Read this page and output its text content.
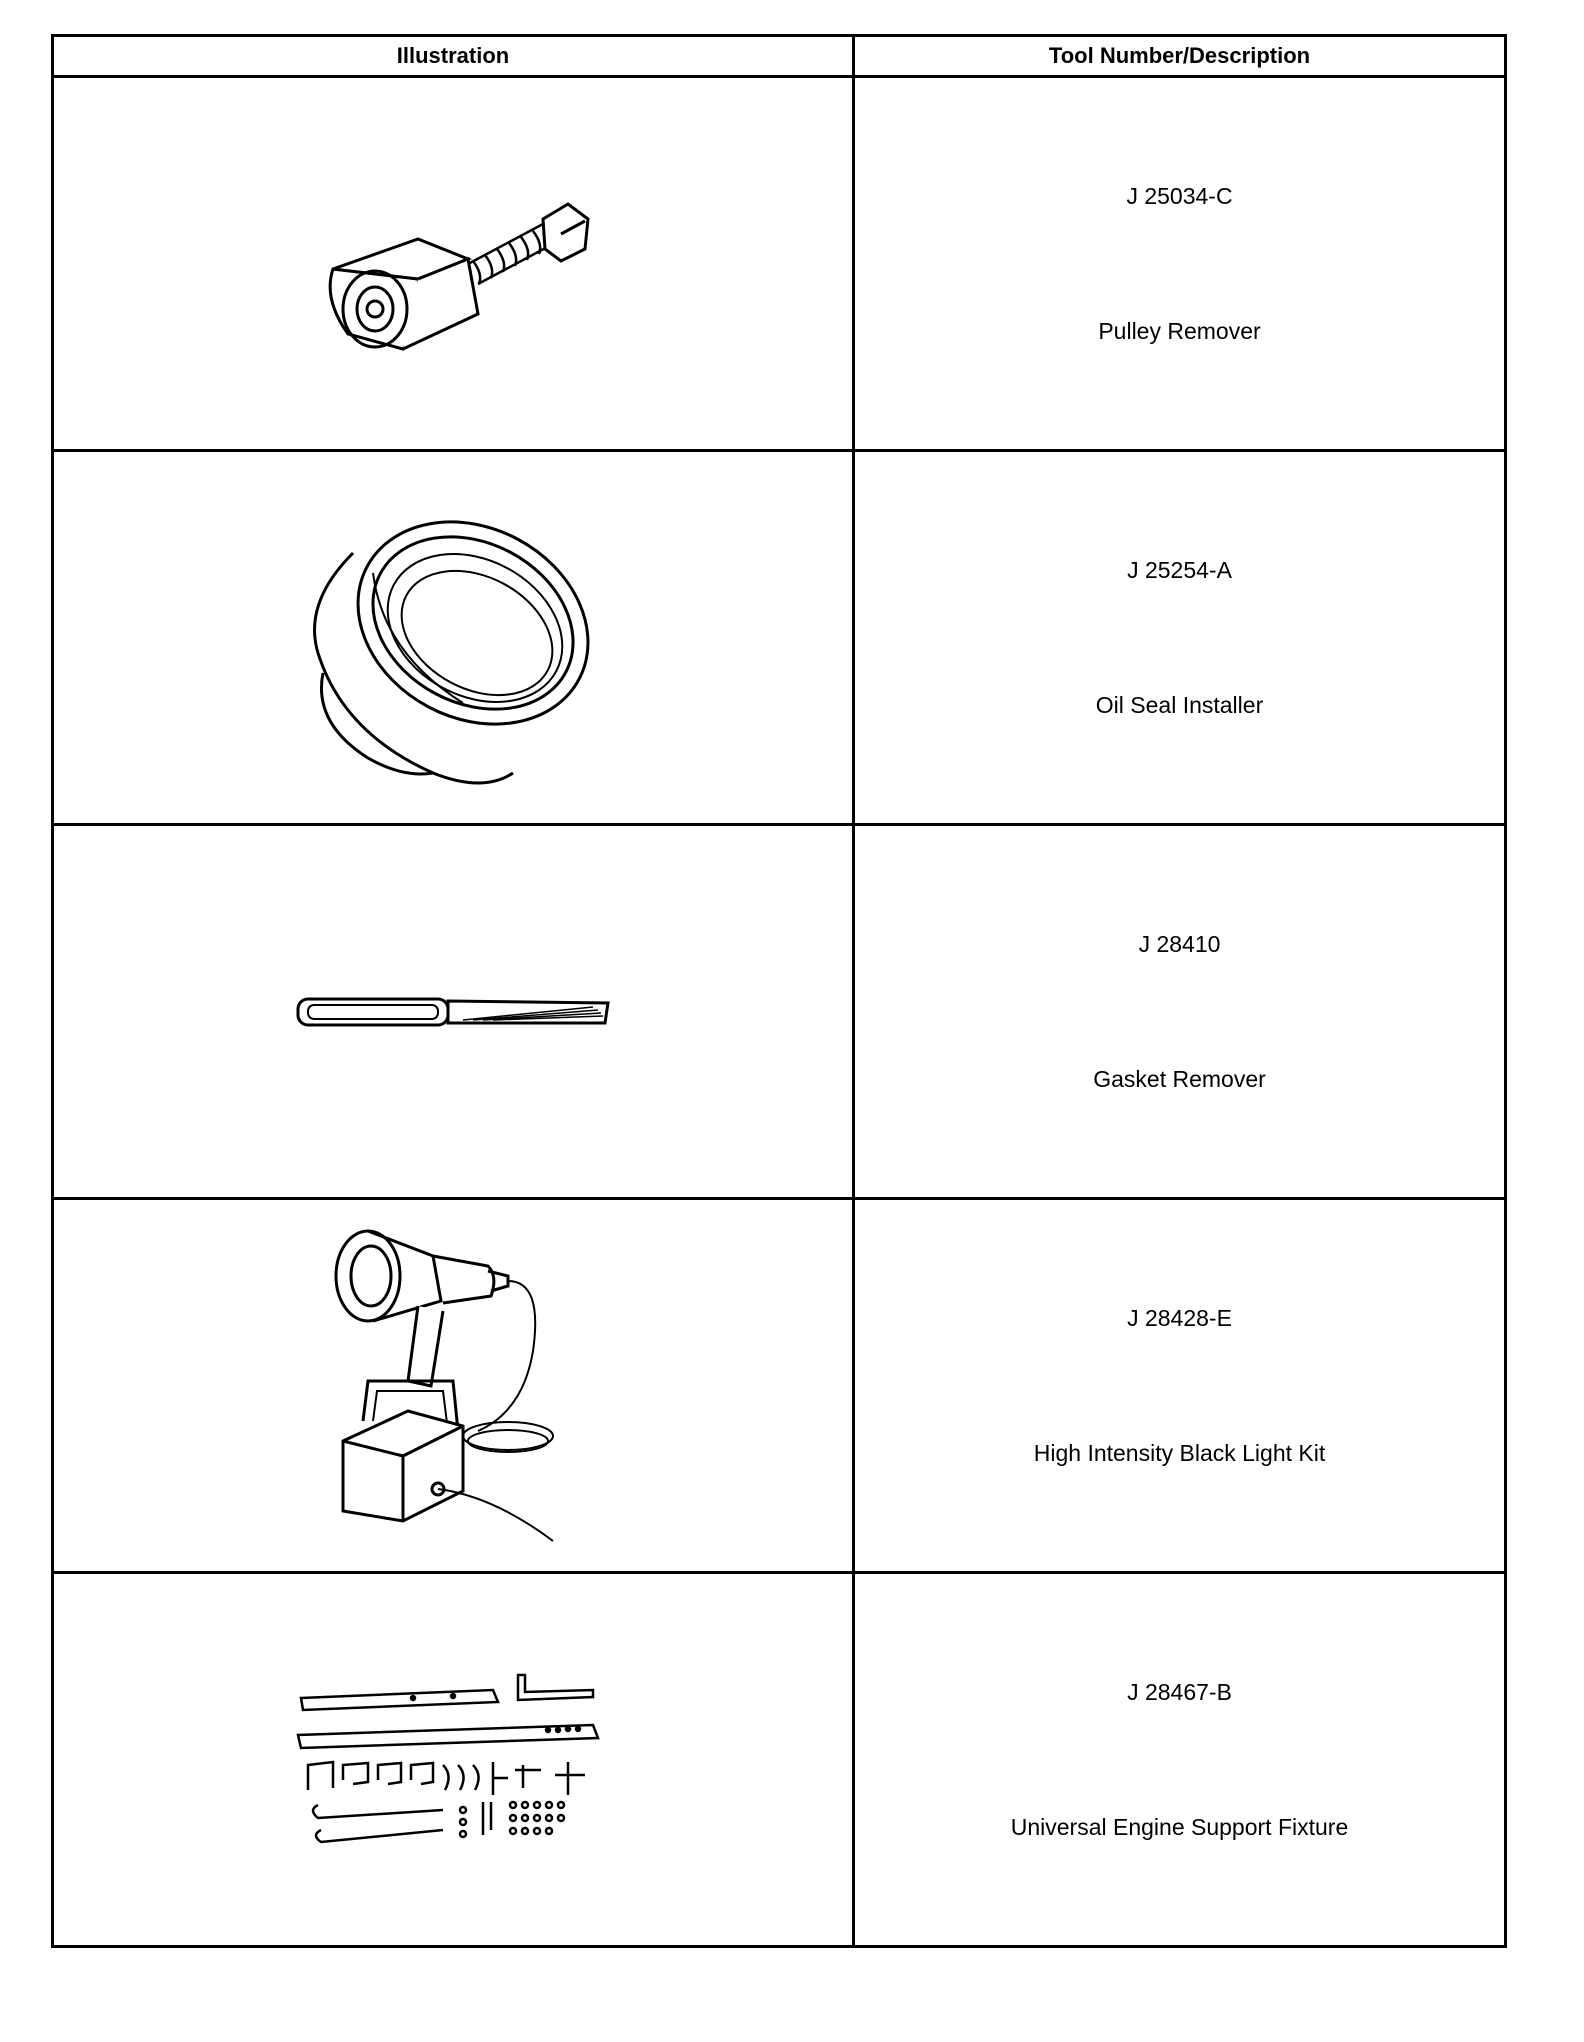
Illustration	Tool Number/Description

J 25034-C
Pulley Remover

J 25254-A
Oil Seal Installer

J 28410
Gasket Remover

J 28428-E
High Intensity Black Light Kit

J 28467-B
Universal Engine Support Fixture
